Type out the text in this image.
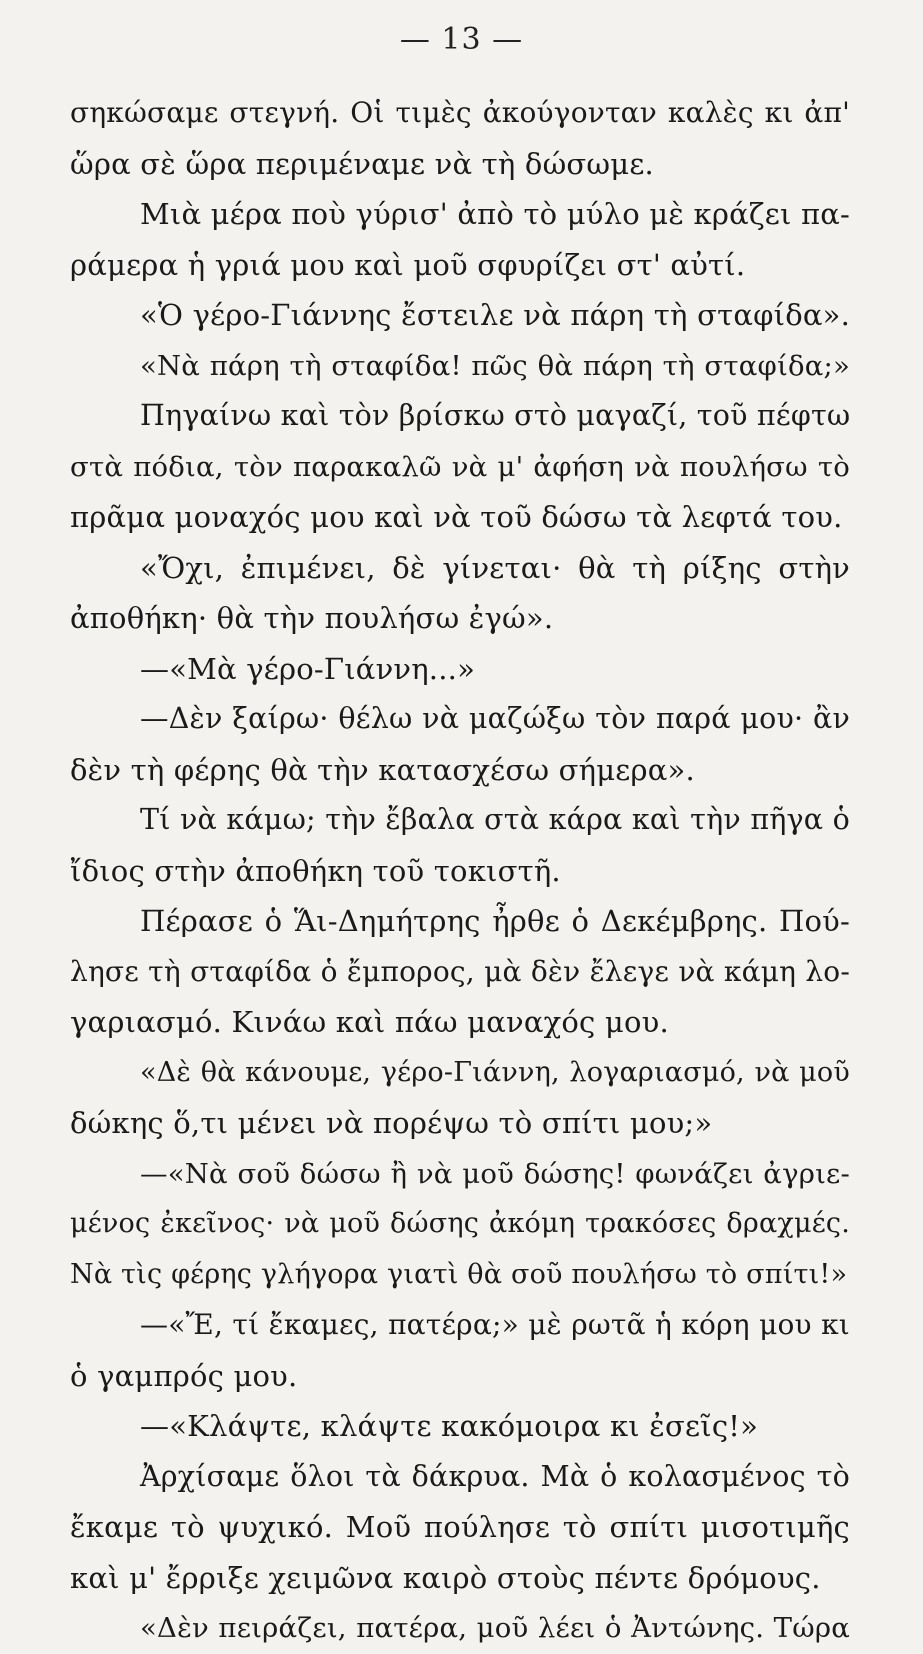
— 13 —
σηκώσαμε στεγνή. Οἱ τιμὲς ἀκούγονταν καλὲς κι ἀπ'
ὥρα σὲ ὥρα περιμέναμε νὰ τὴ δώσωμε.
Μιὰ μέρα ποὺ γύρισ' ἀπὸ τὸ μύλο μὲ κράζει πα-
ράμερα ἡ γριά μου καὶ μοῦ σφυρίζει στ' αὐτί.
«Ὁ γέρο-Γιάννης ἔστειλε νὰ πάρη τὴ σταφίδα».
«Νὰ πάρη τὴ σταφίδα! πῶς θὰ πάρη τὴ σταφίδα;»
Πηγαίνω καὶ τὸν βρίσκω στὸ μαγαζί, τοῦ πέφτω
στὰ πόδια, τὸν παρακαλῶ νὰ μ' ἀφήση νὰ πουλήσω τὸ
πρᾶμα μοναχός μου καὶ νὰ τοῦ δώσω τὰ λεφτά του.
«Ὄχι, ἐπιμένει, δὲ γίνεται· θὰ τὴ ρίξης στὴν
ἀποθήκη· θὰ τὴν πουλήσω ἐγώ».
—«Μὰ γέρο-Γιάννη...»
—Δὲν ξαίρω· θέλω νὰ μαζώξω τὸν παρά μου· ἂν
δὲν τὴ φέρης θὰ τὴν κατασχέσω σήμερα».
Τί νὰ κάμω; τὴν ἔβαλα στὰ κάρα καὶ τὴν πῆγα ὁ
ἴδιος στὴν ἀποθήκη τοῦ τοκιστῆ.
Πέρασε ὁ Ἅι-Δημήτρης ἦρθε ὁ Δεκέμβρης. Πού-
λησε τὴ σταφίδα ὁ ἔμπορος, μὰ δὲν ἔλεγε νὰ κάμη λο-
γαριασμό. Κινάω καὶ πάω μαναχός μου.
«Δὲ θὰ κάνουμε, γέρο-Γιάννη, λογαριασμό, νὰ μοῦ
δώκης ὅ,τι μένει νὰ πορέψω τὸ σπίτι μου;»
—«Νὰ σοῦ δώσω ἢ νὰ μοῦ δώσης! φωνάζει ἀγριε-
μένος ἐκεῖνος· νὰ μοῦ δώσης ἀκόμη τρακόσες δραχμές.
Νὰ τὶς φέρης γλήγορα γιατὶ θὰ σοῦ πουλήσω τὸ σπίτι!»
—«Ἔ, τί ἔκαμες, πατέρα;» μὲ ρωτᾶ ἡ κόρη μου κι
ὁ γαμπρός μου.
—«Κλάψτε, κλάψτε κακόμοιρα κι ἐσεῖς!»
Ἀρχίσαμε ὅλοι τὰ δάκρυα. Μὰ ὁ κολασμένος τὸ
ἔκαμε τὸ ψυχικό. Μοῦ πούλησε τὸ σπίτι μισοτιμῆς
καὶ μ' ἔρριξε χειμῶνα καιρὸ στοὺς πέντε δρόμους.
«Δὲν πειράζει, πατέρα, μοῦ λέει ὁ Ἀντώνης. Τώρα
